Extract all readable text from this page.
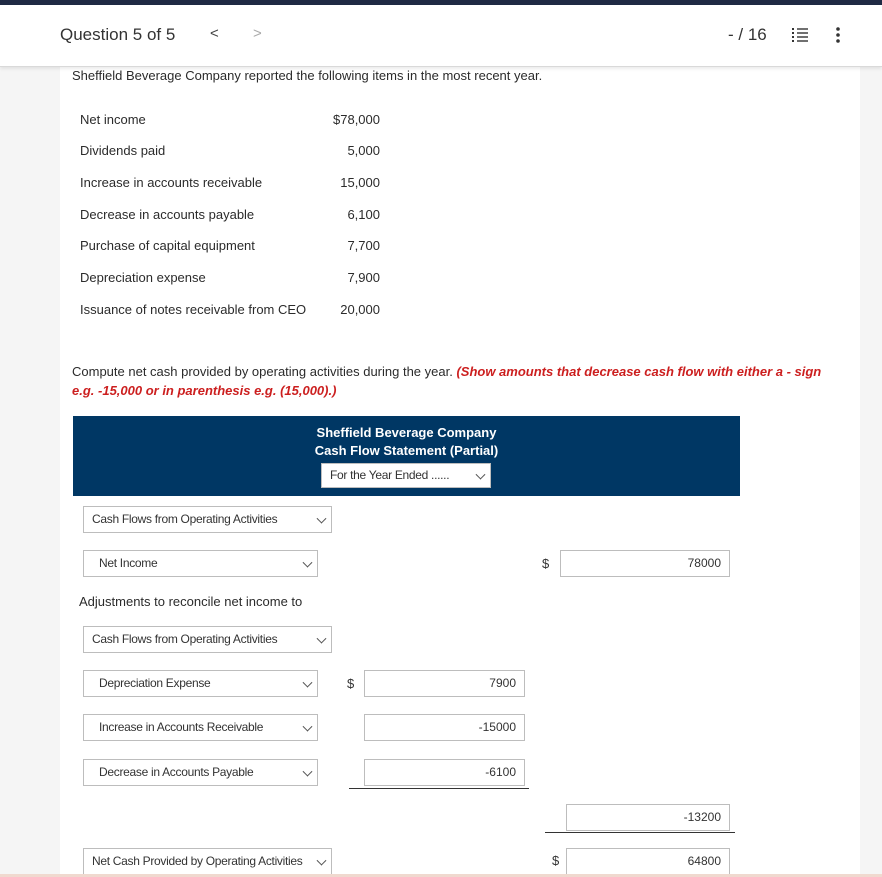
Question 5 of 5 < >	- / 16
Sheffield Beverage Company reported the following items in the most recent year.
Net income	$78,000
Dividends paid	5,000
Increase in accounts receivable	15,000
Decrease in accounts payable	6,100
Purchase of capital equipment	7,700
Depreciation expense	7,900
Issuance of notes receivable from CEO	20,000
Compute net cash provided by operating activities during the year. (Show amounts that decrease cash flow with either a - sign e.g. -15,000 or in parenthesis e.g. (15,000).)
Sheffield Beverage Company
Cash Flow Statement (Partial)
For the Year Ended ......
Cash Flows from Operating Activities
Net Income	$	78000
Adjustments to reconcile net income to
Cash Flows from Operating Activities
Depreciation Expense	$	7900
Increase in Accounts Receivable	-15000
Decrease in Accounts Payable	-6100
-13200
Net Cash Provided by Operating Activities	$	64800
